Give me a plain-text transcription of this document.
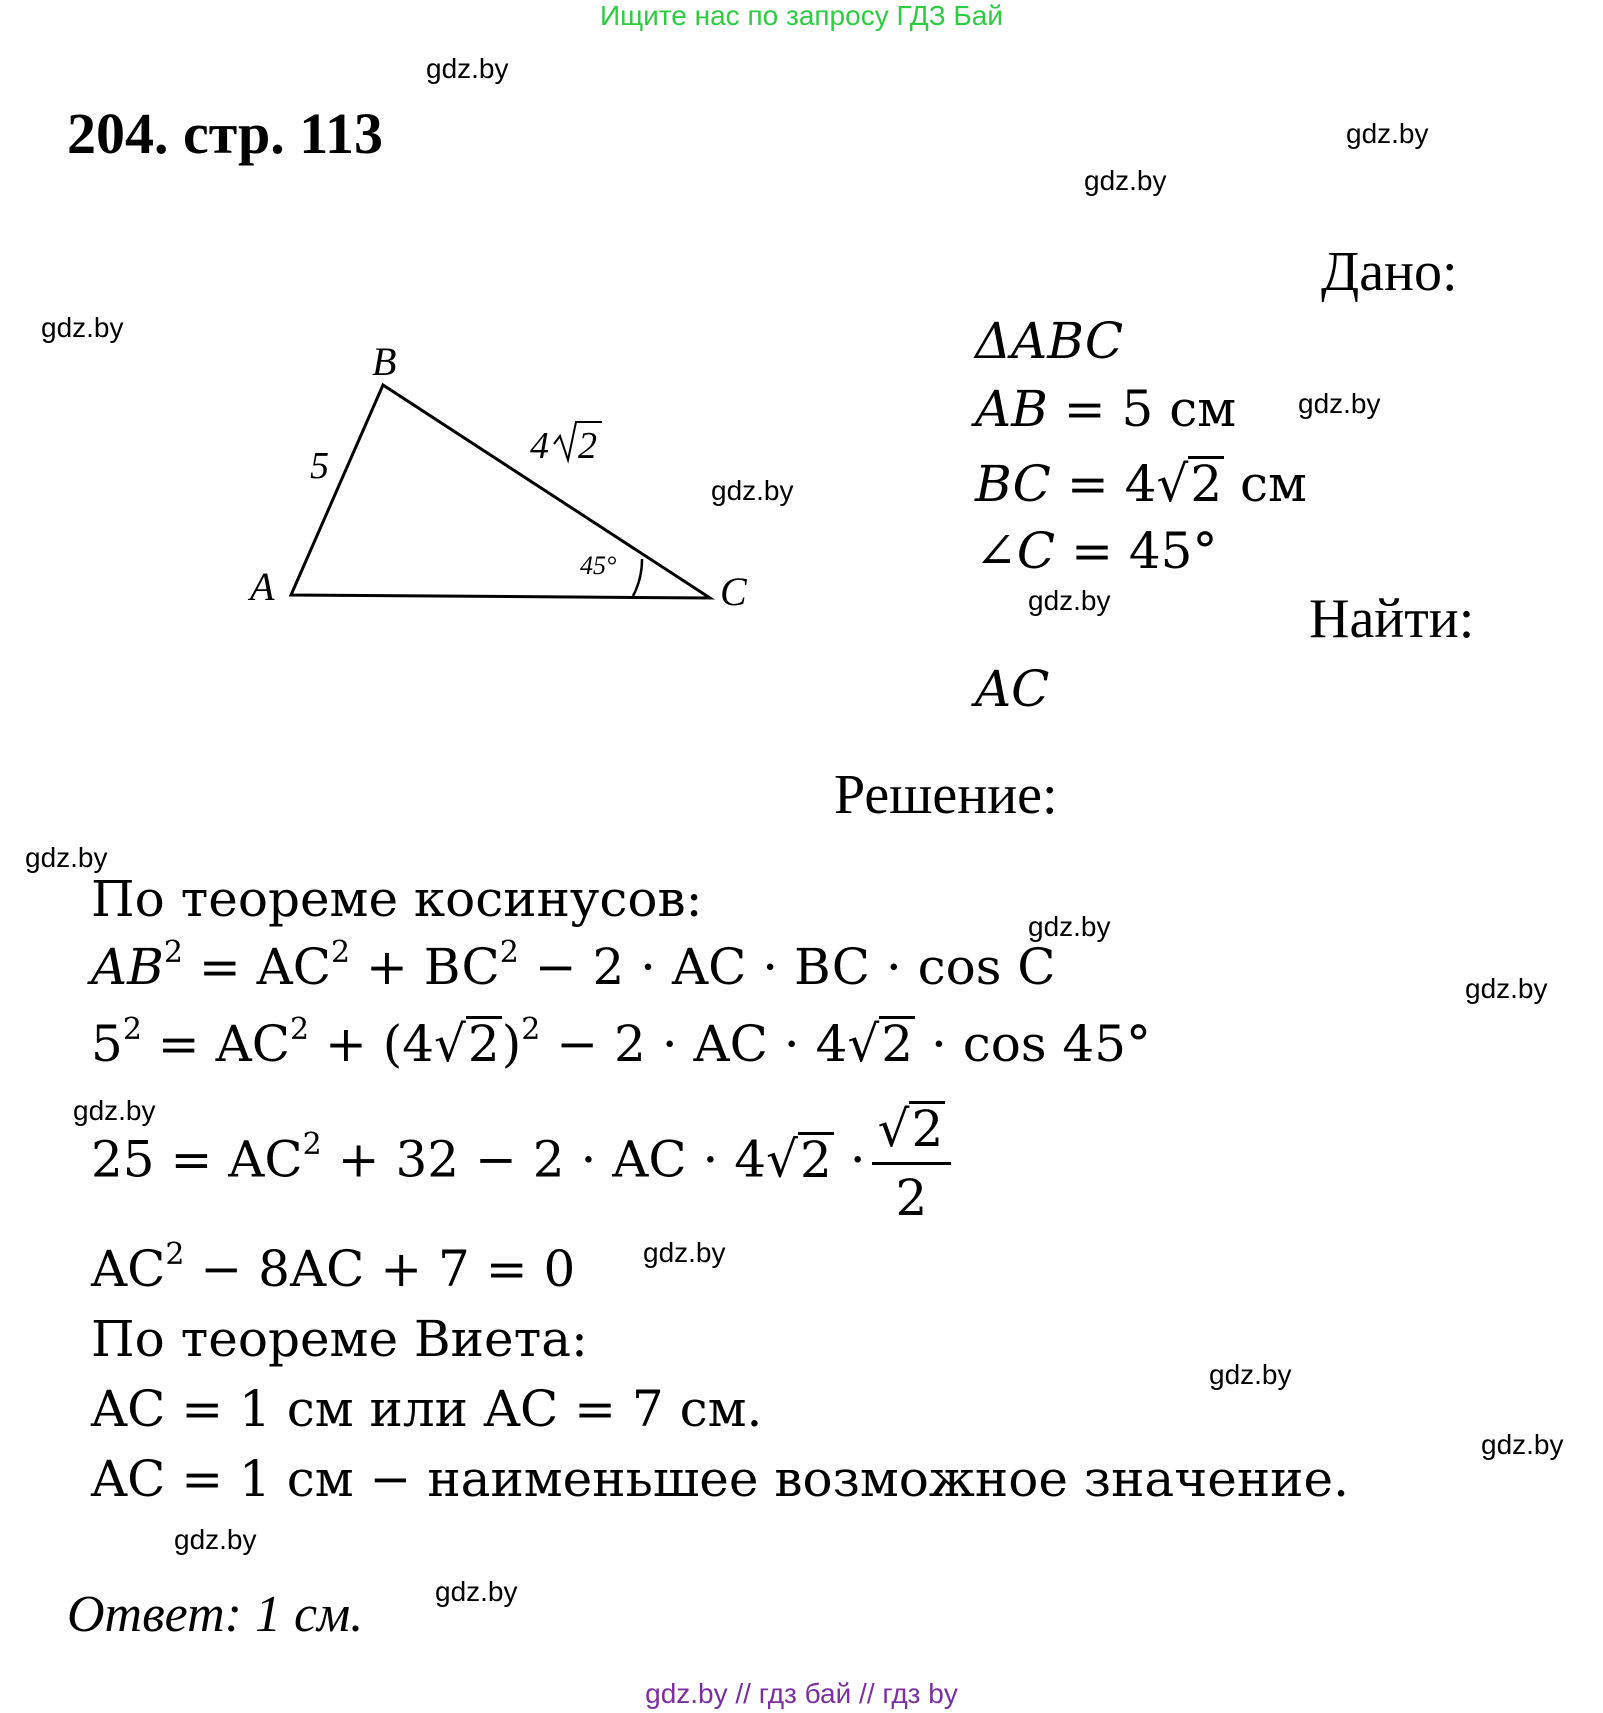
Ищите нас по запросу ГДЗ Бай
204. стр. 113
gdz.by
gdz.by
gdz.by
gdz.by
gdz.by
gdz.by
gdz.by
gdz.by
gdz.by
gdz.by
gdz.by
gdz.by
gdz.by
gdz.by
gdz.by
gdz.by
A
B
C
5	4 2
45°
Дано:
ΔABC
AB = 5 см
BC = 4√2 см
∠C = 45°
Найти:
AC
Решение:
По теореме косинусов:
$AB^2 = AC^2 + BC^2 - 2$ · AC · BC · cos C
$5^2 = AC^2 + (4√2)^2 - 2$ · AC · 4√2 · cos 45°
$25 = AC^2 + 32 - 2$ · AC · $4√2 \cdot \frac{√2}{2}$
$AC^2 - 8AC + 7 = 0$
По теореме Виета:
AC = 1 см или AC = 7 см.
AC = 1 см − наименьшее возможное значение.
Ответ: 1 см.
gdz.by // гдз бай // гдз by
